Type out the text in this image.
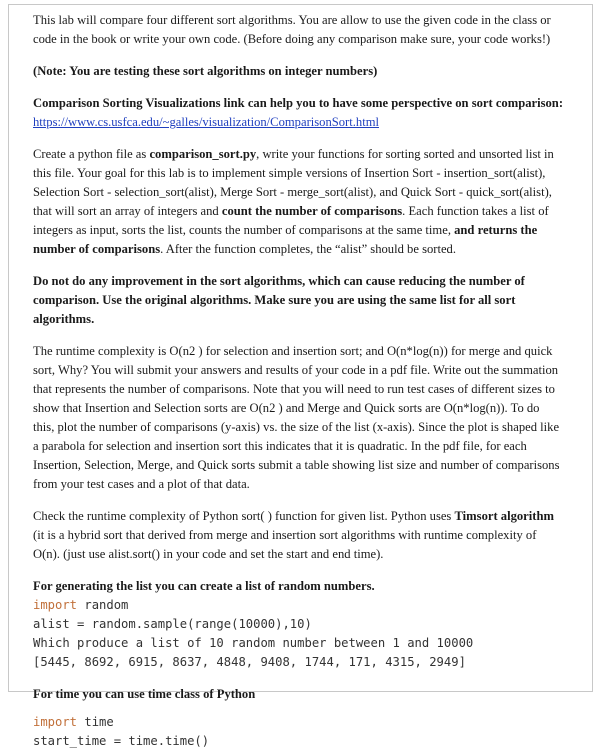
This lab will compare four different sort algorithms. You are allow to use the given code in the class or code in the book or write your own code. (Before doing any comparison make sure, your code works!)

(Note: You are testing these sort algorithms on integer numbers)

Comparison Sorting Visualizations link can help you to have some perspective on sort comparison:

https://www.cs.usfca.edu/~galles/visualization/ComparisonSort.html

Create a python file as comparison_sort.py, write your functions for sorting sorted and unsorted list in this file. Your goal for this lab is to implement simple versions of Insertion Sort - insertion_sort(alist), Selection Sort - selection_sort(alist), Merge Sort - merge_sort(alist), and Quick Sort - quick_sort(alist), that will sort an array of integers and count the number of comparisons. Each function takes a list of integers as input, sorts the list, counts the number of comparisons at the same time, and returns the number of comparisons. After the function completes, the “alist” should be sorted.

Do not do any improvement in the sort algorithms, which can cause reducing the number of comparison. Use the original algorithms. Make sure you are using the same list for all sort algorithms.

The runtime complexity is O(n2 ) for selection and insertion sort; and O(n*log(n)) for merge and quick sort, Why? You will submit your answers and results of your code in a pdf file. Write out the summation that represents the number of comparisons. Note that you will need to run test cases of different sizes to show that Insertion and Selection sorts are O(n2 ) and Merge and Quick sorts are O(n*log(n)). To do this, plot the number of comparisons (y-axis) vs. the size of the list (x-axis). Since the plot is shaped like a parabola for selection and insertion sort this indicates that it is quadratic. In the pdf file, for each Insertion, Selection, Merge, and Quick sorts submit a table showing list size and number of comparisons from your test cases and a plot of that data.

Check the runtime complexity of Python sort( ) function for given list. Python uses Timsort algorithm (it is a hybrid sort that derived from merge and insertion sort algorithms with runtime complexity of O(n). (just use alist.sort() in your code and set the start and end time).

For generating the list you can create a list of random numbers.

import random
alist = random.sample(range(10000),10)
Which produce a list of 10 random number between 1 and 10000
[5445, 8692, 6915, 8637, 4848, 9408, 1744, 171, 4315, 2949]

For time you can use time class of Python

import time
start_time = time.time()
